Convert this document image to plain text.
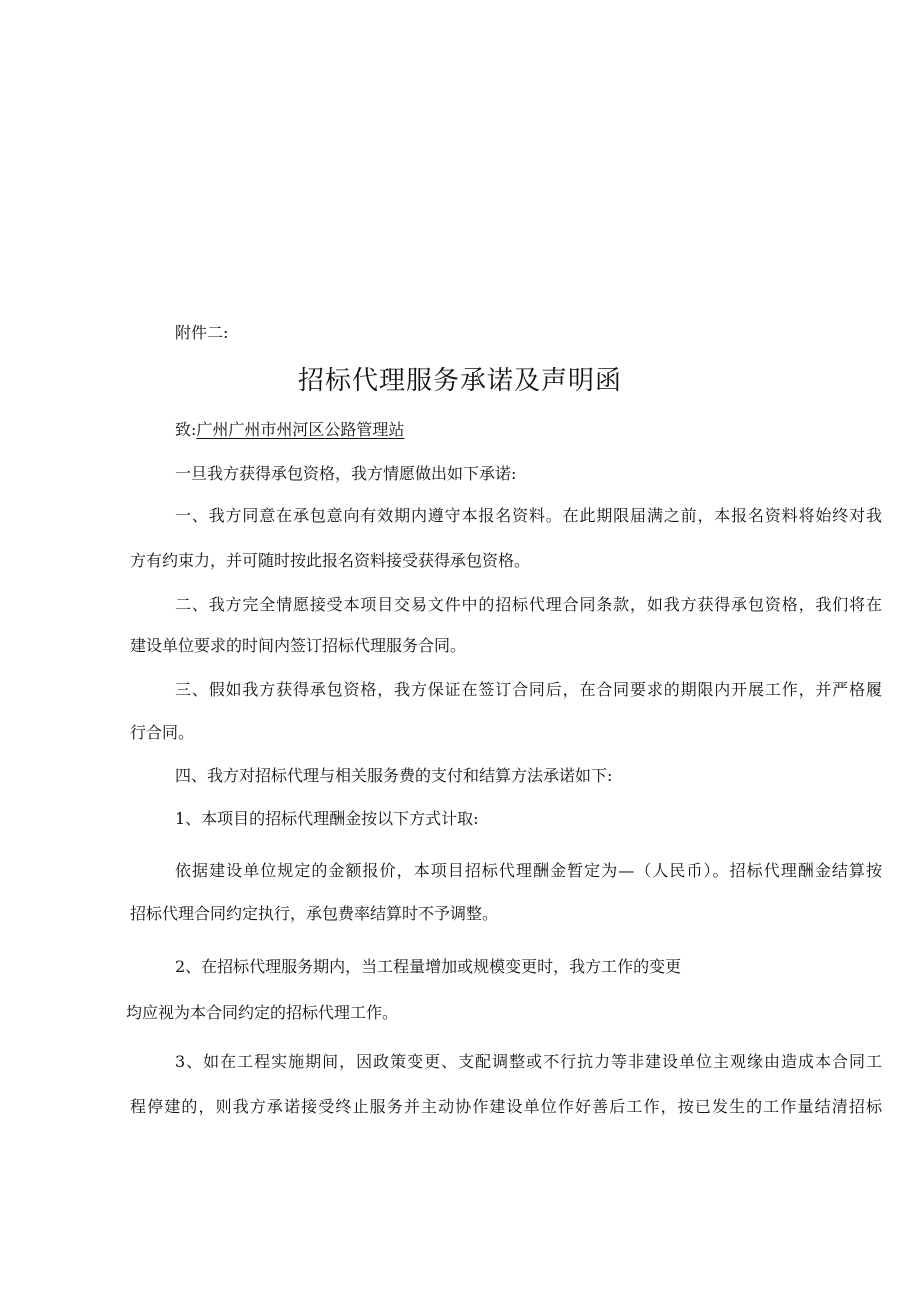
附件二:

招标代理服务承诺及声明函

致:广州广州市州河区公路管理站

一旦我方获得承包资格，我方情愿做出如下承诺:

一、我方同意在承包意向有效期内遵守本报名资料。在此期限届满之前，本报名资料将始终对我

方有约束力，并可随时按此报名资料接受获得承包资格。

二、我方完全情愿接受本项目交易文件中的招标代理合同条款，如我方获得承包资格，我们将在

建设单位要求的时间内签订招标代理服务合同。

三、假如我方获得承包资格，我方保证在签订合同后，在合同要求的期限内开展工作，并严格履

行合同。

四、我方对招标代理与相关服务费的支付和结算方法承诺如下:

1、本项目的招标代理酬金按以下方式计取:

依据建设单位规定的金额报价，本项目招标代理酬金暂定为—（人民币）。招标代理酬金结算按

招标代理合同约定执行，承包费率结算时不予调整。

2、在招标代理服务期内，当工程量增加或规模变更时，我方工作的变更

均应视为本合同约定的招标代理工作。

3、如在工程实施期间，因政策变更、支配调整或不行抗力等非建设单位主观缘由造成本合同工

程停建的，则我方承诺接受终止服务并主动协作建设单位作好善后工作，按已发生的工作量结清招标
